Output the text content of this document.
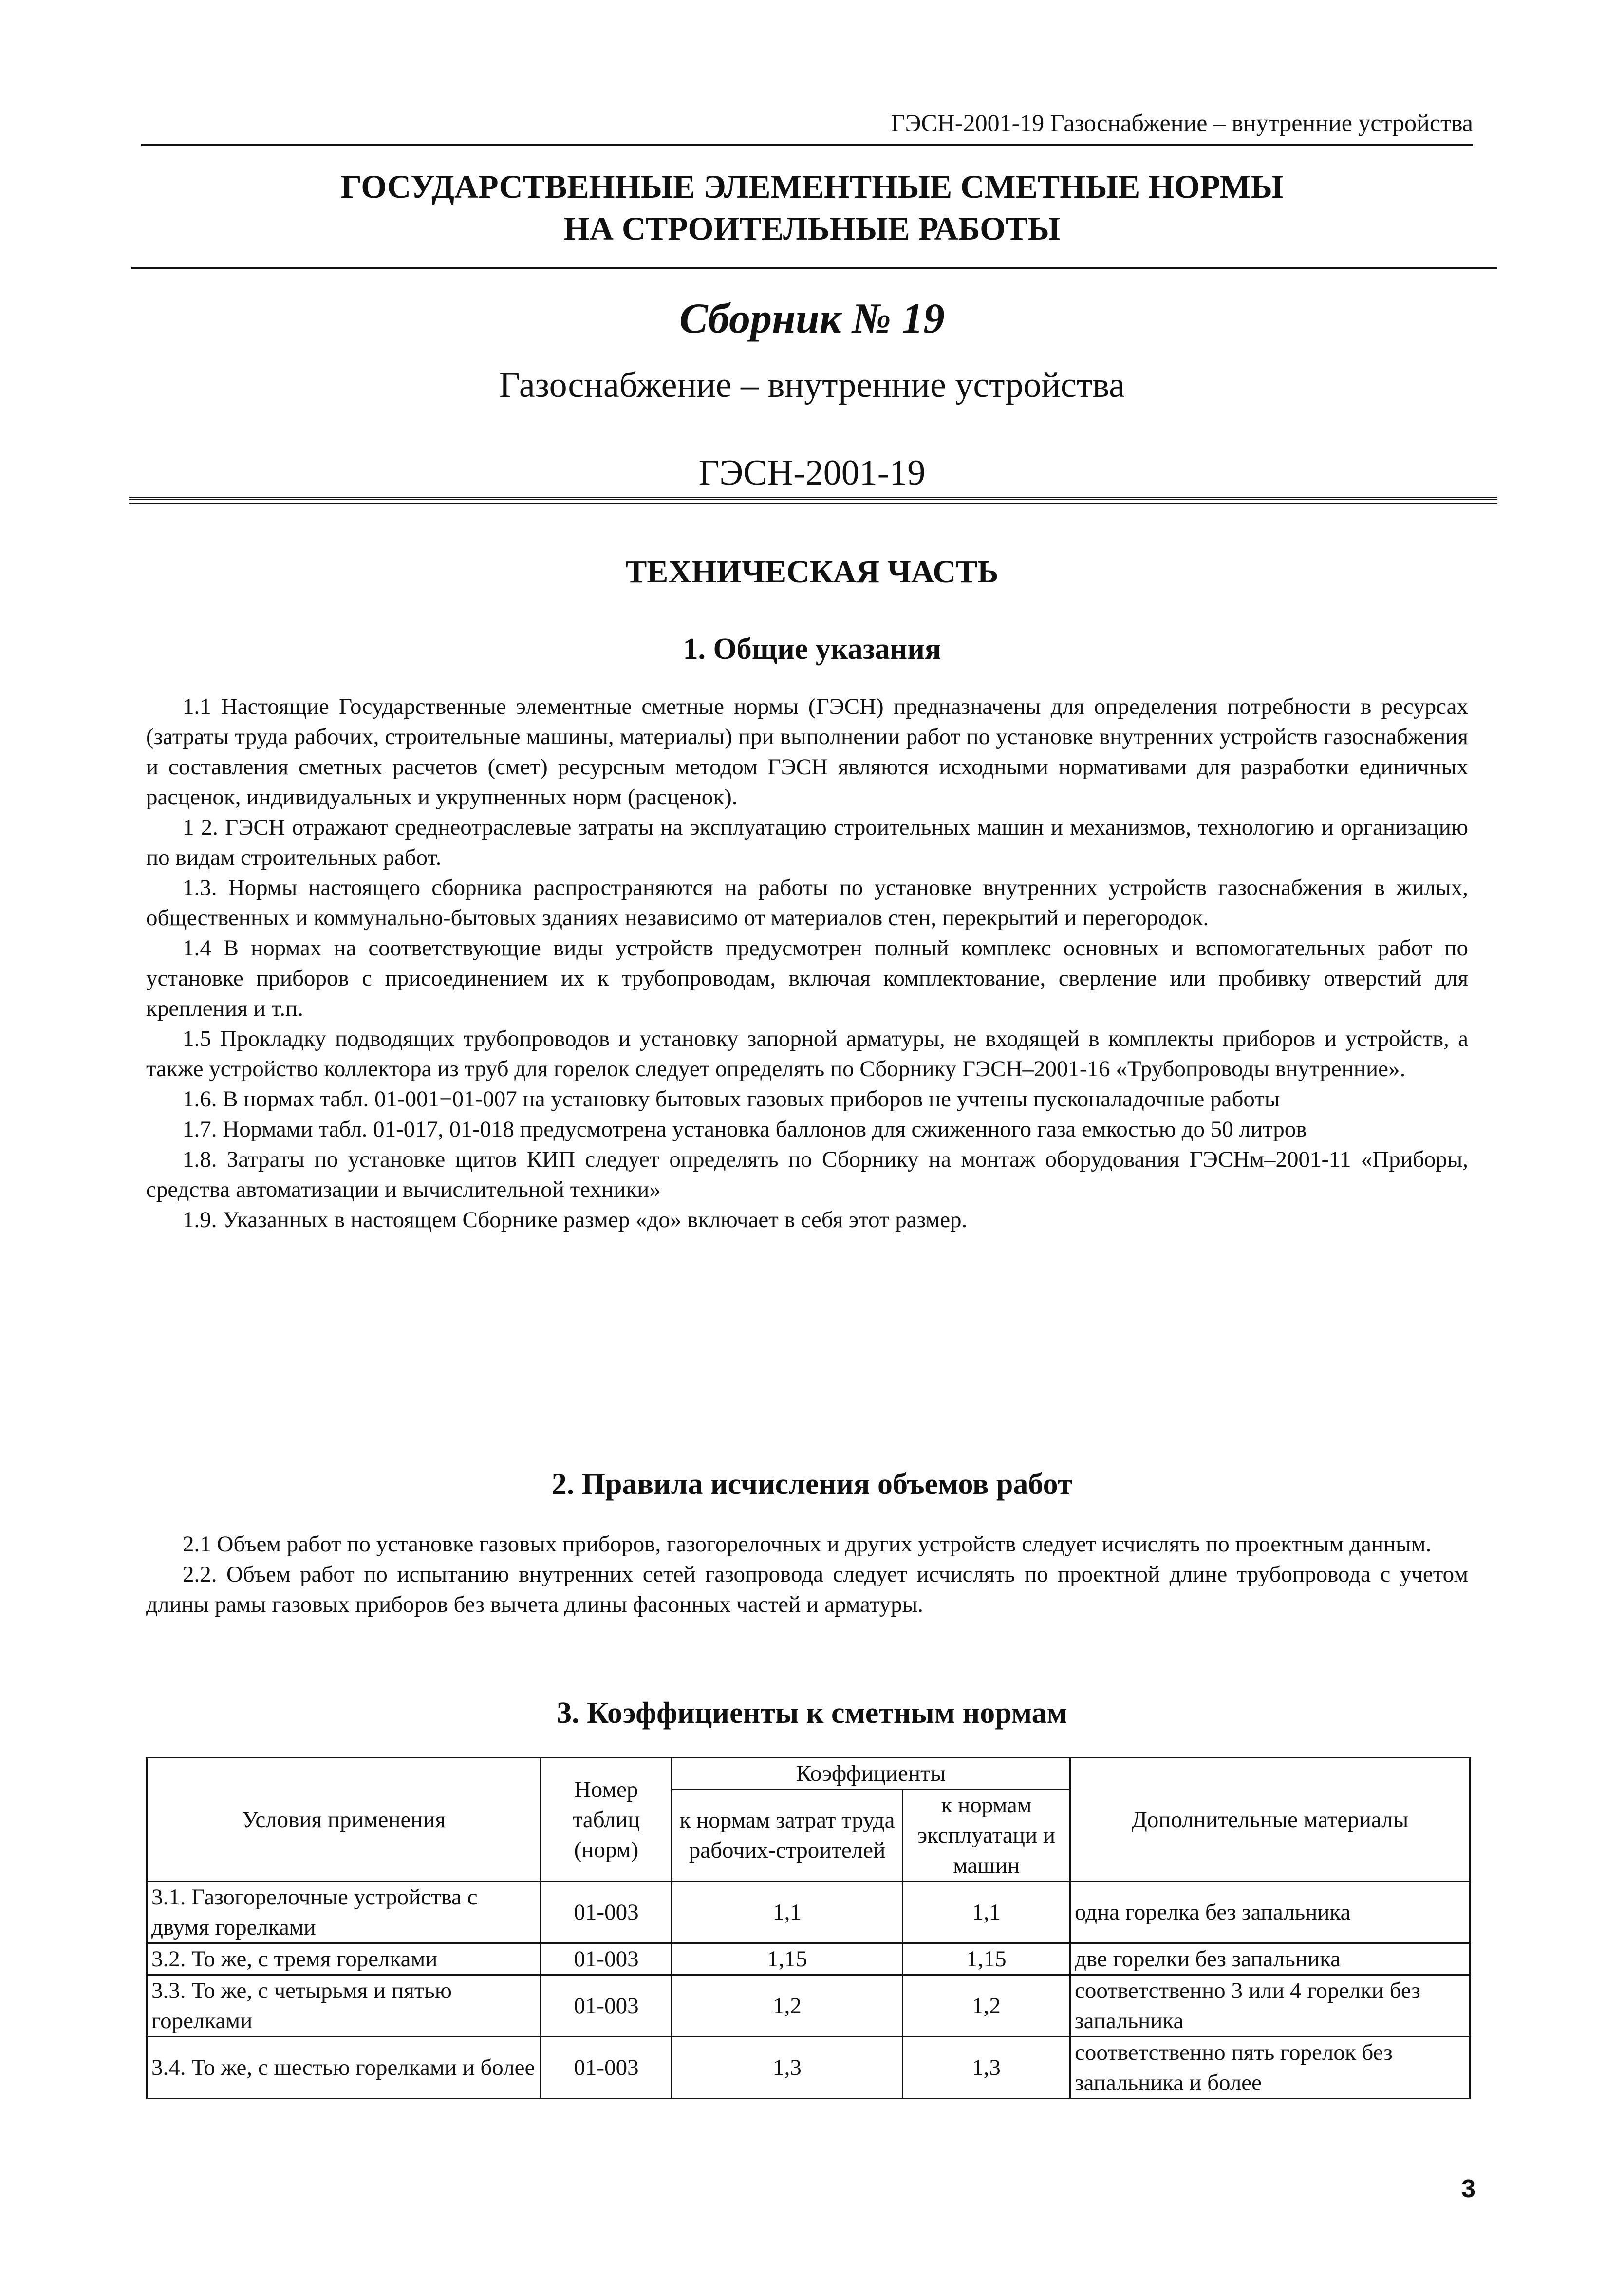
ГЭСН-2001-19 Газоснабжение – внутренние устройства
ГОСУДАРСТВЕННЫЕ ЭЛЕМЕНТНЫЕ СМЕТНЫЕ НОРМЫ
НА СТРОИТЕЛЬНЫЕ РАБОТЫ
Сборник № 19
Газоснабжение – внутренние устройства
ГЭСН-2001-19
ТЕХНИЧЕСКАЯ ЧАСТЬ
1. Общие указания

1.1 Настоящие Государственные элементные сметные нормы (ГЭСН) предназначены для определения потребности в ресурсах (затраты труда рабочих, строительные машины, материалы) при выполнении работ по установке внутренних устройств газоснабжения и составления сметных расчетов (смет) ресурсным методом ГЭСН являются исходными нормативами для разработки единичных расценок, индивидуальных и укрупненных норм (расценок).

1 2. ГЭСН отражают среднеотраслевые затраты на эксплуатацию строительных машин и механизмов, технологию и организацию по видам строительных работ.

1.3. Нормы настоящего сборника распространяются на работы по установке внутренних устройств газоснабжения в жилых, общественных и коммунально-бытовых зданиях независимо от материалов стен, перекрытий и перегородок.

1.4 В нормах на соответствующие виды устройств предусмотрен полный комплекс основных и вспомогательных работ по установке приборов с присоединением их к трубопроводам, включая комплектование, сверление или пробивку отверстий для крепления и т.п.

1.5 Прокладку подводящих трубопроводов и установку запорной арматуры, не входящей в комплекты приборов и устройств, а также устройство коллектора из труб для горелок следует определять по Сборнику ГЭСН–2001-16 «Трубопроводы внутренние».

1.6. В нормах табл. 01-001−01-007 на установку бытовых газовых приборов не учтены пусконаладочные работы

1.7. Нормами табл. 01-017, 01-018 предусмотрена установка баллонов для сжиженного газа емкостью до 50 литров

1.8. Затраты по установке щитов КИП следует определять по Сборнику на монтаж оборудования ГЭСНм–2001-11 «Приборы, средства автоматизации и вычислительной техники»

1.9. Указанных в настоящем Сборнике размер «до» включает в себя этот размер.

2. Правила исчисления объемов работ

2.1 Объем работ по установке газовых приборов, газогорелочных и других устройств следует исчислять по проектным данным.

2.2. Объем работ по испытанию внутренних сетей газопровода следует исчислять по проектной длине трубопровода с учетом длины рамы газовых приборов без вычета длины фасонных частей и арматуры.

3. Коэффициенты к сметным нормам
Условия применения	Номер таблиц (норм)	Коэффициенты		Дополнительные материалы
		к нормам затрат труда рабочих-строителей	к нормам эксплуатаци и машин	
3.1. Газогорелочные устройства с двумя горелками	01-003	1,1	1,1	одна горелка без запальника
3.2. То же, с тремя горелками	01-003	1,15	1,15	две горелки без запальника
3.3. То же, с четырьмя и пятью горелками	01-003	1,2	1,2	соответственно 3 или 4 горелки без запальника
3.4. То же, с шестью горелками и более	01-003	1,3	1,3	соответственно пять горелок без запальника и более
3
